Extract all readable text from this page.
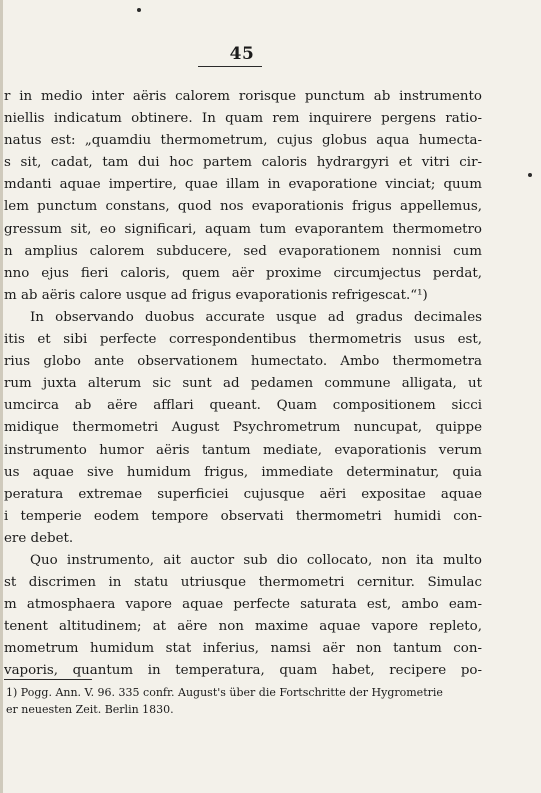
45
r in medio inter aëris calorem rorisque punctum ab instrumento
niellis indicatum obtinere. In quam rem inquirere pergens ratio-
natus est: „quamdiu thermometrum, cujus globus aqua humecta-
s sit, cadat, tam dui hoc partem caloris hydrargyri et vitri cir-
mdanti aquae impertire, quae illam in evaporatione vinciat; quum
lem punctum constans, quod nos evaporationis frigus appellemus,
gressum sit, eo significari, aquam tum evaporantem thermometro
n amplius calorem subducere, sed evaporationem nonnisi cum
nno ejus fieri caloris, quem aër proxime circumjectus perdat,
m ab aëris calore usque ad frigus evaporationis refrigescat.“¹)
In observando duobus accurate usque ad gradus decimales
itis et sibi perfecte correspondentibus thermometris usus est,
rius globo ante observationem humectato. Ambo thermometra
rum juxta alterum sic sunt ad pedamen commune alligata, ut
umcirca ab aëre afflari queant. Quam compositionem sicci
midique thermometri August Psychrometrum nuncupat, quippe
instrumento humor aëris tantum mediate, evaporationis verum
us aquae sive humidum frigus, immediate determinatur, quia
peratura extremae superficiei cujusque aëri expositae aquae
i temperie eodem tempore observati thermometri humidi con-
ere debet.
Quo instrumento, ait auctor sub dio collocato, non ita multo
st discrimen in statu utriusque thermometri cernitur. Simulac
m atmosphaera vapore aquae perfecte saturata est, ambo eam-
tenent altitudinem; at aëre non maxime aquae vapore repleto,
mometrum humidum stat inferius, namsi aër non tantum con-
vaporis, quantum in temperatura, quam habet, recipere po-
1) Pogg. Ann. V. 96. 335 confr. August's über die Fortschritte der Hygrometrie
er neuesten Zeit. Berlin 1830.
